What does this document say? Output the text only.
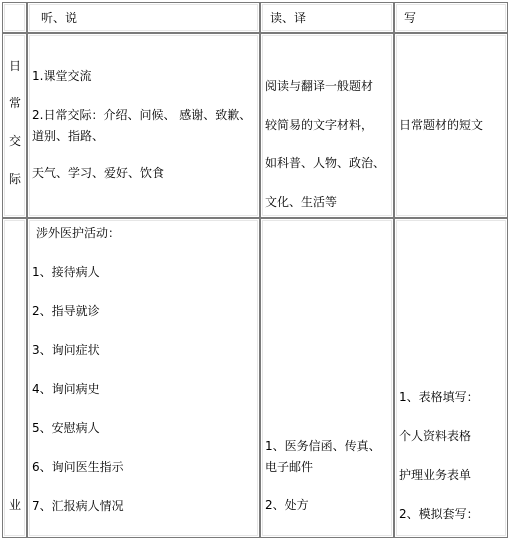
听、说	读、译	写
日
常
交
际
1.课堂交流
2.日常交际：介绍、问候、 感谢、致歉、
道别、指路、
天气、学习、爱好、饮食
阅读与翻译一般题材
较简易的文字材料，
如科普、人物、政治、
文化、生活等
日常题材的短文
业
涉外医护活动：
1、接待病人
2、指导就诊
3、询问症状
4、询问病史
5、安慰病人
6、询问医生指示
7、汇报病人情况
1、医务信函、传真、
电子邮件
2、处方
1、表格填写：
个人资料表格
护理业务表单
2、模拟套写：
